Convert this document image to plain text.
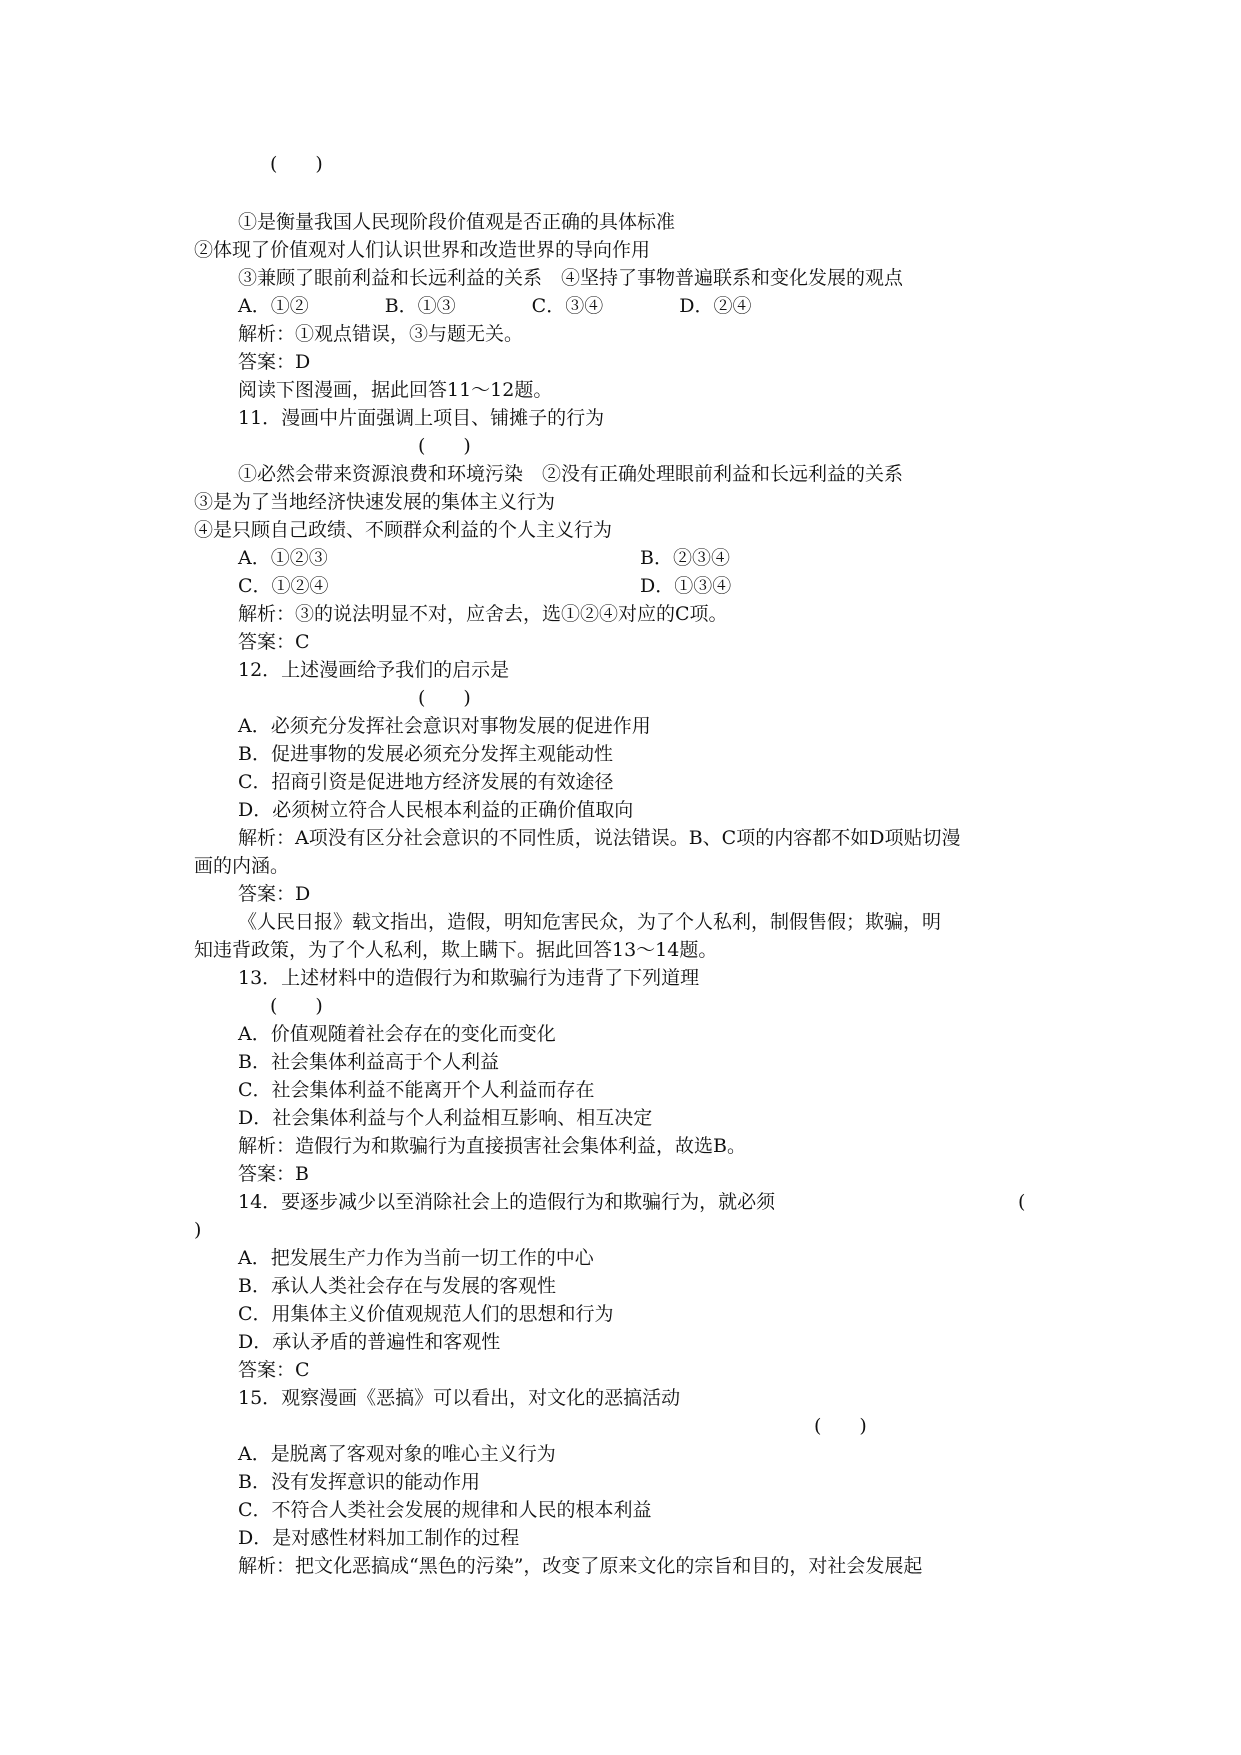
(　　)
①是衡量我国人民现阶段价值观是否正确的具体标准
②体现了价值观对人们认识世界和改造世界的导向作用
③兼顾了眼前利益和长远利益的关系　④坚持了事物普遍联系和变化发展的观点
A．①②　　　　B．①③　　　　C．③④　　　　D．②④
解析：①观点错误，③与题无关。
答案：D
阅读下图漫画，据此回答11～12题。
11．漫画中片面强调上项目、铺摊子的行为
(　　)
①必然会带来资源浪费和环境污染　②没有正确处理眼前利益和长远利益的关系
③是为了当地经济快速发展的集体主义行为
④是只顾自己政绩、不顾群众利益的个人主义行为
A．①②③	B．②③④
C．①②④	D．①③④
解析：③的说法明显不对，应舍去，选①②④对应的C项。
答案：C
12．上述漫画给予我们的启示是
(　　)
A．必须充分发挥社会意识对事物发展的促进作用
B．促进事物的发展必须充分发挥主观能动性
C．招商引资是促进地方经济发展的有效途径
D．必须树立符合人民根本利益的正确价值取向
解析：A项没有区分社会意识的不同性质，说法错误。B、C项的内容都不如D项贴切漫
画的内涵。
答案：D
《人民日报》载文指出，造假，明知危害民众，为了个人私利，制假售假；欺骗，明
知违背政策，为了个人私利，欺上瞒下。据此回答13～14题。
13．上述材料中的造假行为和欺骗行为违背了下列道理
(　　)
A．价值观随着社会存在的变化而变化
B．社会集体利益高于个人利益
C．社会集体利益不能离开个人利益而存在
D．社会集体利益与个人利益相互影响、相互决定
解析：造假行为和欺骗行为直接损害社会集体利益，故选B。
答案：B
14．要逐步减少以至消除社会上的造假行为和欺骗行为，就必须	(
)
A．把发展生产力作为当前一切工作的中心
B．承认人类社会存在与发展的客观性
C．用集体主义价值观规范人们的思想和行为
D．承认矛盾的普遍性和客观性
答案：C
15．观察漫画《恶搞》可以看出，对文化的恶搞活动
(　　)
A．是脱离了客观对象的唯心主义行为
B．没有发挥意识的能动作用
C．不符合人类社会发展的规律和人民的根本利益
D．是对感性材料加工制作的过程
解析：把文化恶搞成“黑色的污染”，改变了原来文化的宗旨和目的，对社会发展起
